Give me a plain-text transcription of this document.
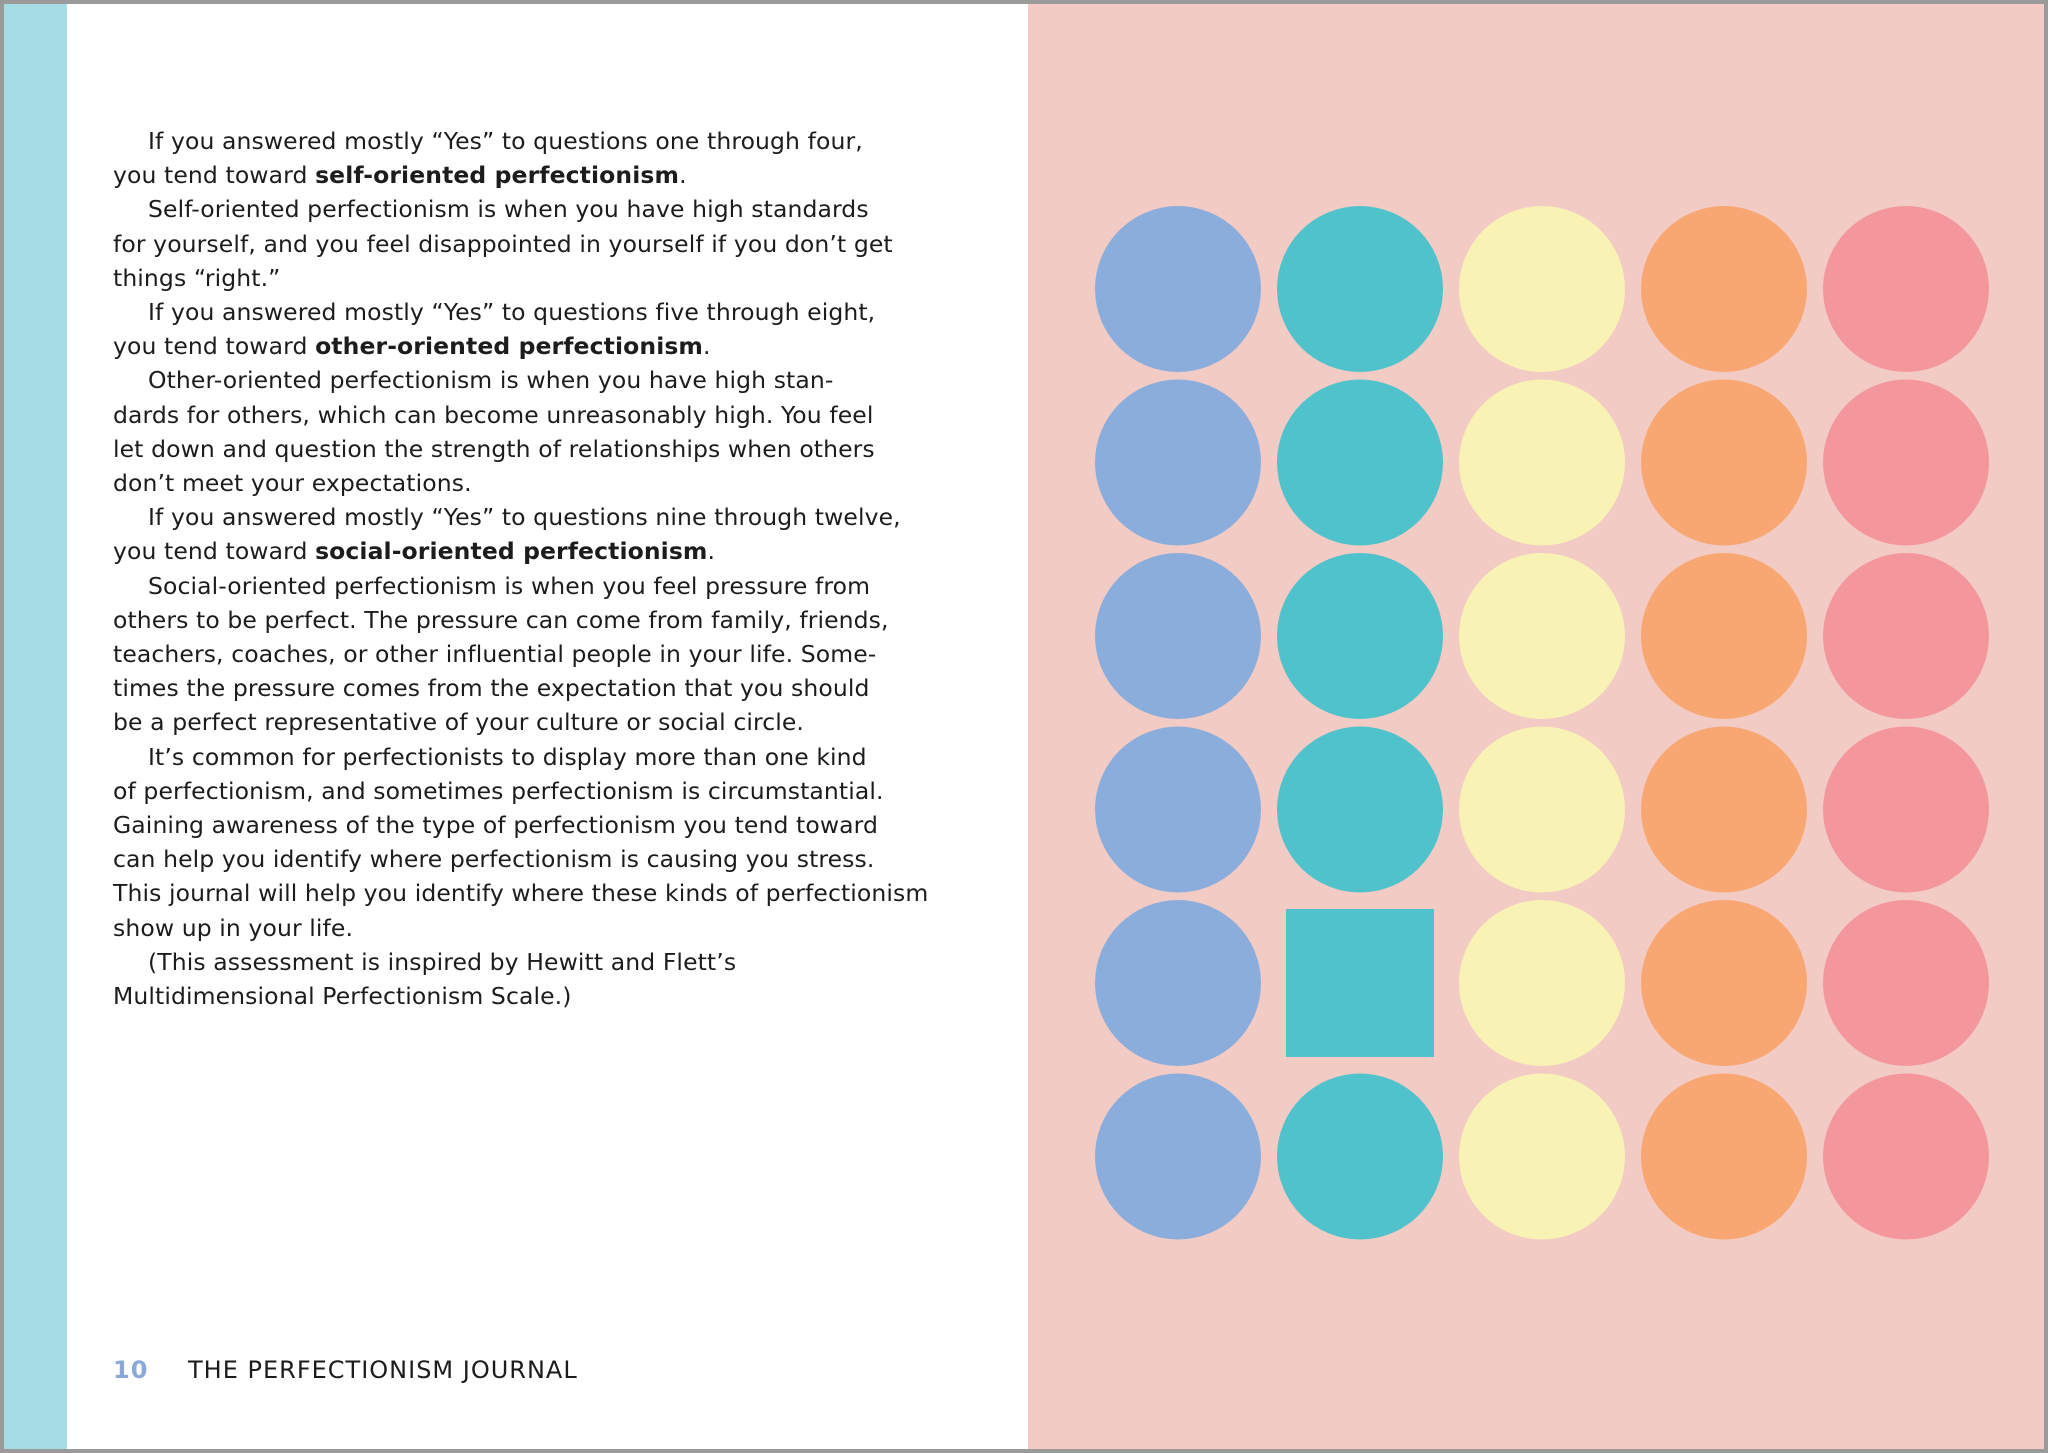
If you answered mostly “Yes” to questions one through four,
you tend toward self-oriented perfectionism.

Self-oriented perfectionism is when you have high standards
for yourself, and you feel disappointed in yourself if you don’t get
things “right.”

If you answered mostly “Yes” to questions five through eight,
you tend toward other-oriented perfectionism.

Other-oriented perfectionism is when you have high stan-
dards for others, which can become unreasonably high. You feel
let down and question the strength of relationships when others
don’t meet your expectations.

If you answered mostly “Yes” to questions nine through twelve,
you tend toward social-oriented perfectionism.

Social-oriented perfectionism is when you feel pressure from
others to be perfect. The pressure can come from family, friends,
teachers, coaches, or other influential people in your life. Some-
times the pressure comes from the expectation that you should
be a perfect representative of your culture or social circle.

It’s common for perfectionists to display more than one kind
of perfectionism, and sometimes perfectionism is circumstantial.
Gaining awareness of the type of perfectionism you tend toward
can help you identify where perfectionism is causing you stress.
This journal will help you identify where these kinds of perfectionism
show up in your life.

(This assessment is inspired by Hewitt and Flett’s
Multidimensional Perfectionism Scale.)

10 THE PERFECTIONISM JOURNAL
